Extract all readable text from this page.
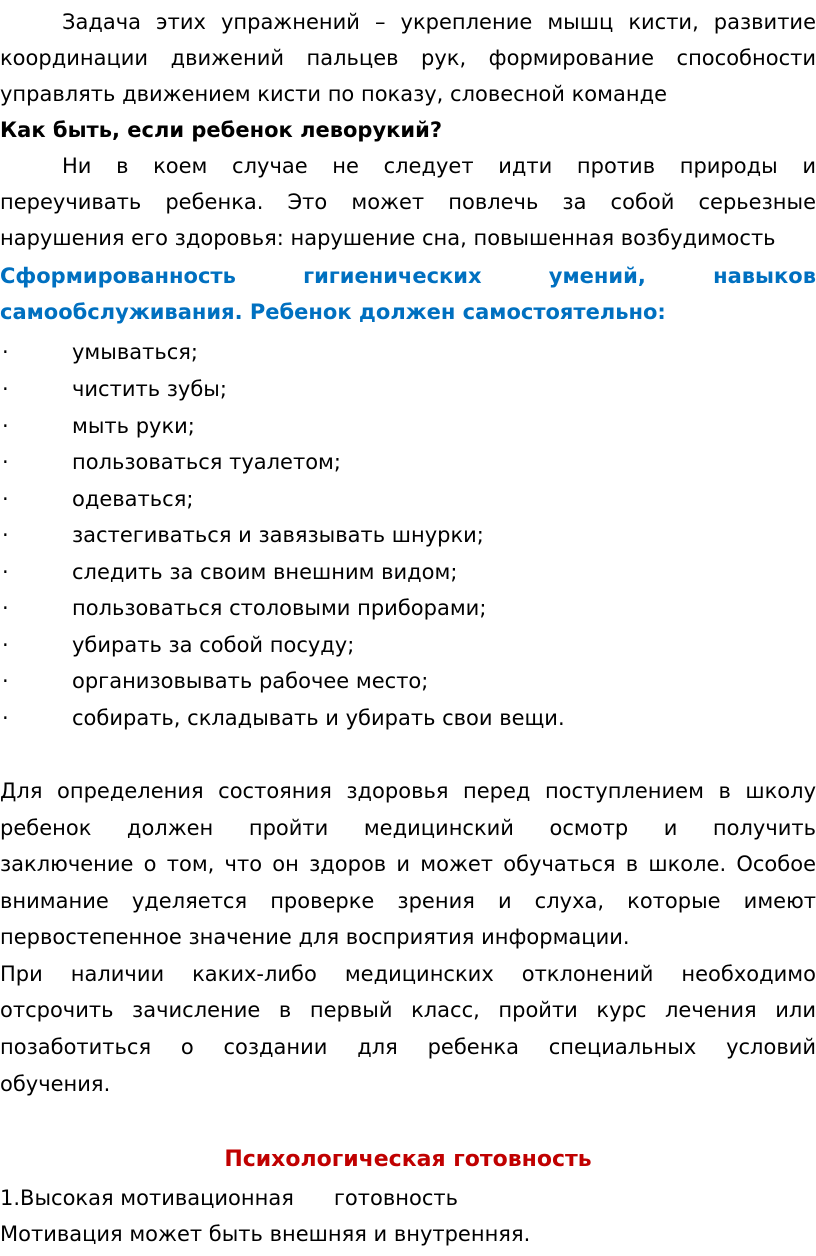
Задача этих упражнений – укрепление мышц кисти, развитие
координации движений пальцев рук, формирование способности
управлять движением кисти по показу, словесной команде
Как быть, если ребенок леворукий?
Ни в коем случае не следует идти против природы и
переучивать ребенка. Это может повлечь за собой серьезные
нарушения его здоровья: нарушение сна, повышенная возбудимость
Сформированность гигиенических умений, навыков
самообслуживания. Ребенок должен самостоятельно:
·	умываться;
·	чистить зубы;
·	мыть руки;
·	пользоваться туалетом;
·	одеваться;
·	застегиваться и завязывать шнурки;
·	следить за своим внешним видом;
·	пользоваться столовыми приборами;
·	убирать за собой посуду;
·	организовывать рабочее место;
·	собирать, складывать и убирать свои вещи.
Для определения состояния здоровья перед поступлением в школу
ребенок должен пройти медицинский осмотр и получить
заключение о том, что он здоров и может обучаться в школе. Особое
внимание уделяется проверке зрения и слуха, которые имеют
первостепенное значение для восприятия информации.
При наличии каких-либо медицинских отклонений необходимо
отсрочить зачисление в первый класс, пройти курс лечения или
позаботиться о создании для ребенка специальных условий
обучения.
Психологическая готовность
1.Высокая мотивационная      готовность
Мотивация может быть внешняя и внутренняя.
